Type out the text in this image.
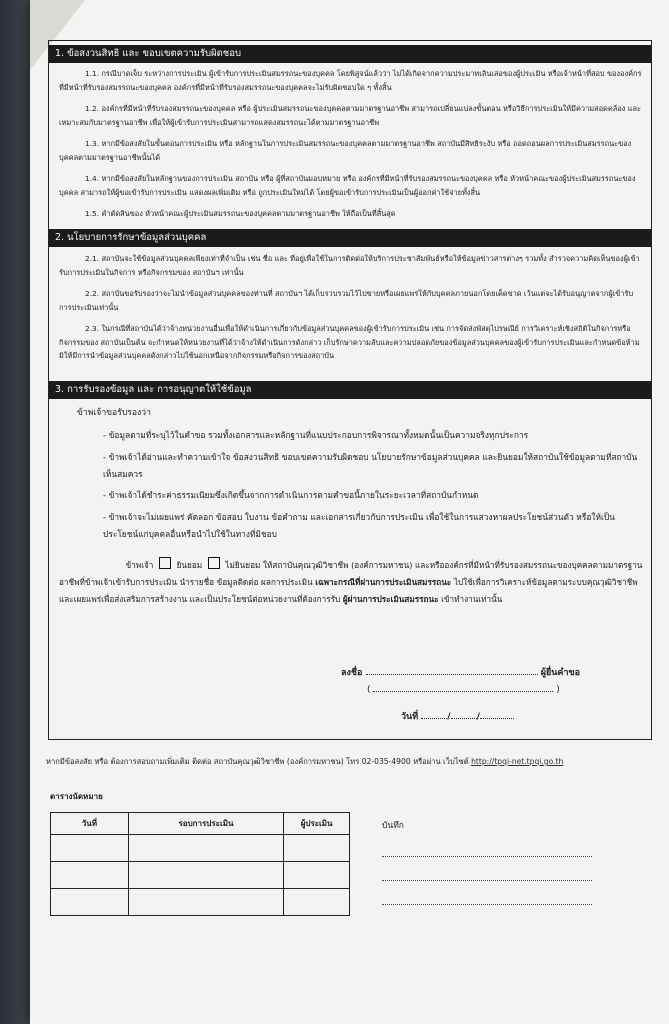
1. ข้อสงวนสิทธิ และ ขอบเขตความรับผิดชอบ
1.1. กรณีบาดเจ็บ ระหว่างการประเมิน ผู้เข้ารับการประเมินสมรรถนะของบุคคล โดยพิสูจน์แล้วว่า ไม่ได้เกิดจากความประมาทเลินเล่อของผู้ประเมิน หรือเจ้าหน้าที่สอบ ขององค์กรที่มีหน้าที่รับรองสมรรถนะของบุคคล องค์กรที่มีหน้าที่รับรองสมรรถนะของบุคคลจะไม่รับผิดชอบใด ๆ ทั้งสิ้น
1.2. องค์กรที่มีหน้าที่รับรองสมรรถนะของบุคคล หรือ ผู้ประเมินสมรรถนะของบุคคลตามมาตรฐานอาชีพ สามารถเปลี่ยนแปลงขั้นตอน หรือวิธีการประเมินให้มีความสอดคล้อง และเหมาะสมกับมาตรฐานอาชีพ เพื่อให้ผู้เข้ารับการประเมินสามารถแสดงสมรรถนะได้ตามมาตรฐานอาชีพ
1.3. หากมีข้อสงสัยในขั้นตอนการประเมิน หรือ หลักฐานในการประเมินสมรรถนะของบุคคลตามมาตรฐานอาชีพ สถาบันมีสิทธิระงับ หรือ ถอดถอนผลการประเมินสมรรถนะของบุคคลตามมาตรฐานอาชีพนั้นได้
1.4. หากมีข้อสงสัยในหลักฐานของการประเมิน สถาบัน หรือ ผู้ที่สถาบันมอบหมาย หรือ องค์กรที่มีหน้าที่รับรองสมรรถนะของบุคคล หรือ หัวหน้าคณะของผู้ประเมินสมรรถนะของบุคคล สามารถให้ผู้ขอเข้ารับการประเมิน แสดงผลเพิ่มเติม หรือ ถูกประเมินใหม่ได้ โดยผู้ขอเข้ารับการประเมินเป็นผู้ออกค่าใช้จ่ายทั้งสิ้น
1.5. คำตัดสินของ หัวหน้าคณะผู้ประเมินสมรรถนะของบุคคลตามมาตรฐานอาชีพ ให้ถือเป็นที่สิ้นสุด
2. นโยบายการรักษาข้อมูลส่วนบุคคล
2.1. สถาบันจะใช้ข้อมูลส่วนบุคคลเพียงเท่าที่จำเป็น เช่น ชื่อ และ ที่อยู่เพื่อใช้ในการติดต่อให้บริการประชาสัมพันธ์หรือให้ข้อมูลข่าวสารต่างๆ รวมทั้ง สำรวจความคิดเห็นของผู้เข้ารับการประเมินในกิจการ หรือกิจกรรมของ สถาบันฯ เท่านั้น
2.2. สถาบันขอรับรองว่าจะไม่นำข้อมูลส่วนบุคคลของท่านที่ สถาบันฯ ได้เก็บรวบรวมไว้ไปขายหรือเผยแพร่ให้กับบุคคลภายนอกโดยเด็ดขาด เว้นแต่จะได้รับอนุญาตจากผู้เข้ารับการประเมินเท่านั้น
2.3. ในกรณีที่สถาบันได้ว่าจ้างหน่วยงานอื่นเพื่อให้ดำเนินการเกี่ยวกับข้อมูลส่วนบุคคลของผู้เข้ารับการประเมิน เช่น การจัดส่งพัสดุไปรษณีย์ การวิเคราะห์เชิงสถิติในกิจการหรือกิจกรรมของ สถาบันเป็นต้น จะกำหนดให้หน่วยงานที่ได้ว่าจ้างให้ดำเนินการดังกล่าว เก็บรักษาความลับและความปลอดภัยของข้อมูลส่วนบุคคลของผู้เข้ารับการประเมินและกำหนดข้อห้ามมิให้มีการนำข้อมูลส่วนบุคคลดังกล่าวไปใช้นอกเหนือจากกิจกรรมหรือกิจการของสถาบัน
3. การรับรองข้อมูล และ การอนุญาตให้ใช้ข้อมูล
ข้าพเจ้าขอรับรองว่า
- ข้อมูลตามที่ระบุไว้ในคำขอ รวมทั้งเอกสารและหลักฐานที่แนบประกอบการพิจารณาทั้งหมดนั้นเป็นความจริงทุกประการ
- ข้าพเจ้าได้อ่านและทำความเข้าใจ ข้อสงวนสิทธิ ขอบเขตความรับผิดชอบ นโยบายรักษาข้อมูลส่วนบุคคล และยินยอมให้สถาบันใช้ข้อมูลตามที่สถาบันเห็นสมควร
- ข้าพเจ้าได้ชำระค่าธรรมเนียมซึ่งเกิดขึ้นจากการดำเนินการตามคำขอนี้ภายในระยะเวลาที่สถาบันกำหนด
- ข้าพเจ้าจะไม่เผยแพร่ คัดลอก ข้อสอบ ใบงาน ข้อคำถาม และเอกสารเกี่ยวกับการประเมิน เพื่อใช้ในการแสวงหาผลประโยชน์ส่วนตัว หรือให้เป็นประโยชน์แก่บุคคลอื่นหรือนำไปใช้ในทางที่มิชอบ
ข้าพเจ้า	ยินยอม	ไม่ยินยอม ให้สถาบันคุณวุฒิวิชาชีพ (องค์การมหาชน) และหรือองค์กรที่มีหน้าที่รับรองสมรรถนะของบุคคลตามมาตรฐานอาชีพที่ข้าพเจ้าเข้ารับการประเมิน นำรายชื่อ ข้อมูลติดต่อ ผลการประเมิน เฉพาะกรณีที่ผ่านการประเมินสมรรถนะ ไปใช้เพื่อการวิเคราะห์ข้อมูลตามระบบคุณวุฒิวิชาชีพ และเผยแพร่เพื่อส่งเสริมการสร้างงาน และเป็นประโยชน์ต่อหน่วยงานที่ต้องการรับ ผู้ผ่านการประเมินสมรรถนะ เข้าทำงานเท่านั้น
ลงชื่อ	ผู้ยื่นคำขอ
(	)
วันที่	/	/
หากมีข้อสงสัย หรือ ต้องการสอบถามเพิ่มเติม ติดต่อ สถาบันคุณวุฒิวิชาชีพ (องค์การมหาชน) โทร 02-035-4900 หรือผ่าน เว็บไซต์ http://tpqi-net.tpqi.go.th
ตารางนัดหมาย
วันที่	รอบการประเมิน	ผู้ประเมิน

			บันทึก
